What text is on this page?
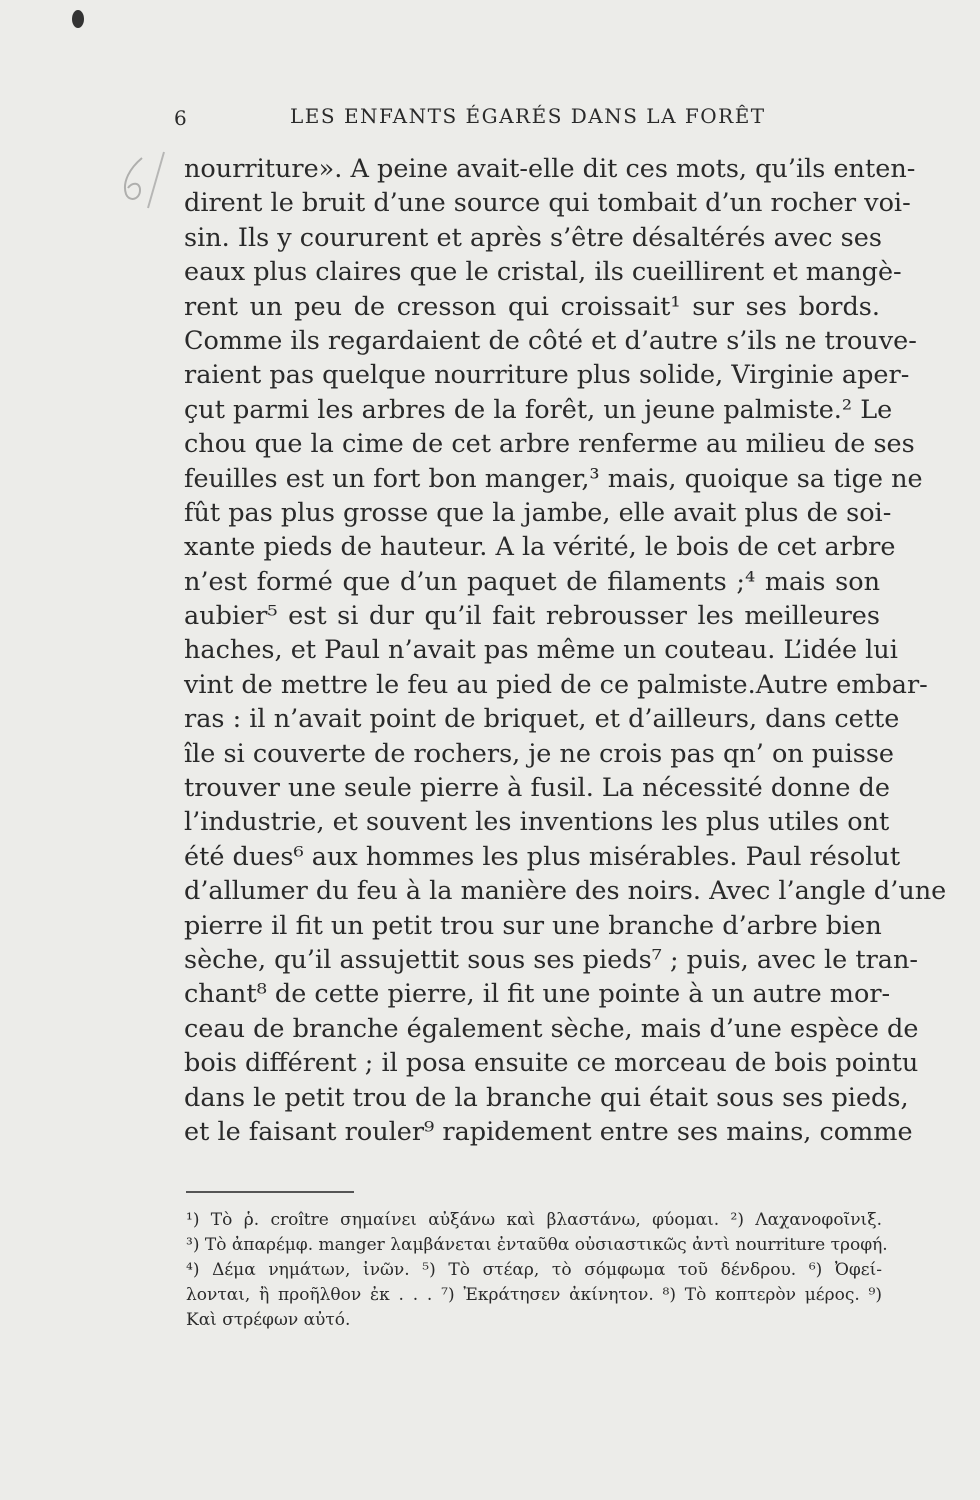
6	LES ENFANTS ÉGARÉS DANS LA FORÊT
nourriture». A peine avait-elle dit ces mots, qu’ils enten-
dirent le bruit d’une source qui tombait d’un rocher voi-
sin. Ils y coururent et après s’être désaltérés avec ses
eaux plus claires que le cristal, ils cueillirent et mangè-
rent un peu de cresson qui croissait¹ sur ses bords.
Comme ils regardaient de côté et d’autre s’ils ne trouve-
raient pas quelque nourriture plus solide, Virginie aper-
çut parmi les arbres de la forêt, un jeune palmiste.² Le
chou que la cime de cet arbre renferme au milieu de ses
feuilles est un fort bon manger,³ mais, quoique sa tige ne
fût pas plus grosse que la jambe, elle avait plus de soi-
xante pieds de hauteur. A la vérité, le bois de cet arbre
n’est formé que d’un paquet de filaments ;⁴ mais son
aubier⁵ est si dur qu’il fait rebrousser les meilleures
haches, et Paul n’avait pas même un couteau. L’idée lui
vint de mettre le feu au pied de ce palmiste.Autre embar-
ras : il n’avait point de briquet, et d’ailleurs, dans cette
île si couverte de rochers, je ne crois pas qn’ on puisse
trouver une seule pierre à fusil. La nécessité donne de
l’industrie, et souvent les inventions les plus utiles ont
été dues⁶ aux hommes les plus misérables. Paul résolut
d’allumer du feu à la manière des noirs. Avec l’angle d’une
pierre il fit un petit trou sur une branche d’arbre bien
sèche, qu’il assujettit sous ses pieds⁷ ; puis, avec le tran-
chant⁸ de cette pierre, il fit une pointe à un autre mor-
ceau de branche également sèche, mais d’une espèce de
bois différent ; il posa ensuite ce morceau de bois pointu
dans le petit trou de la branche qui était sous ses pieds,
et le faisant rouler⁹ rapidement entre ses mains, comme
¹) Τὸ ῥ. croître σημαίνει αὐξάνω καὶ βλαστάνω, φύομαι. ²) Λαχανοφοῖνιξ.
³) Τὸ ἀπαρέμφ. manger λαμβάνεται ἐνταῦθα οὐσιαστικῶς ἀντὶ nourriture τροφή.
⁴) Δέμα νημάτων, ἰνῶν. ⁵) Τὸ στέαρ, τὸ σόμφωμα τοῦ δένδρου. ⁶) Ὀφεί-
λονται, ἢ προῆλθον ἐκ . . . ⁷) Ἐκράτησεν ἀκίνητον. ⁸) Τὸ κοπτερὸν μέρος. ⁹)
Καὶ στρέφων αὐτό.
